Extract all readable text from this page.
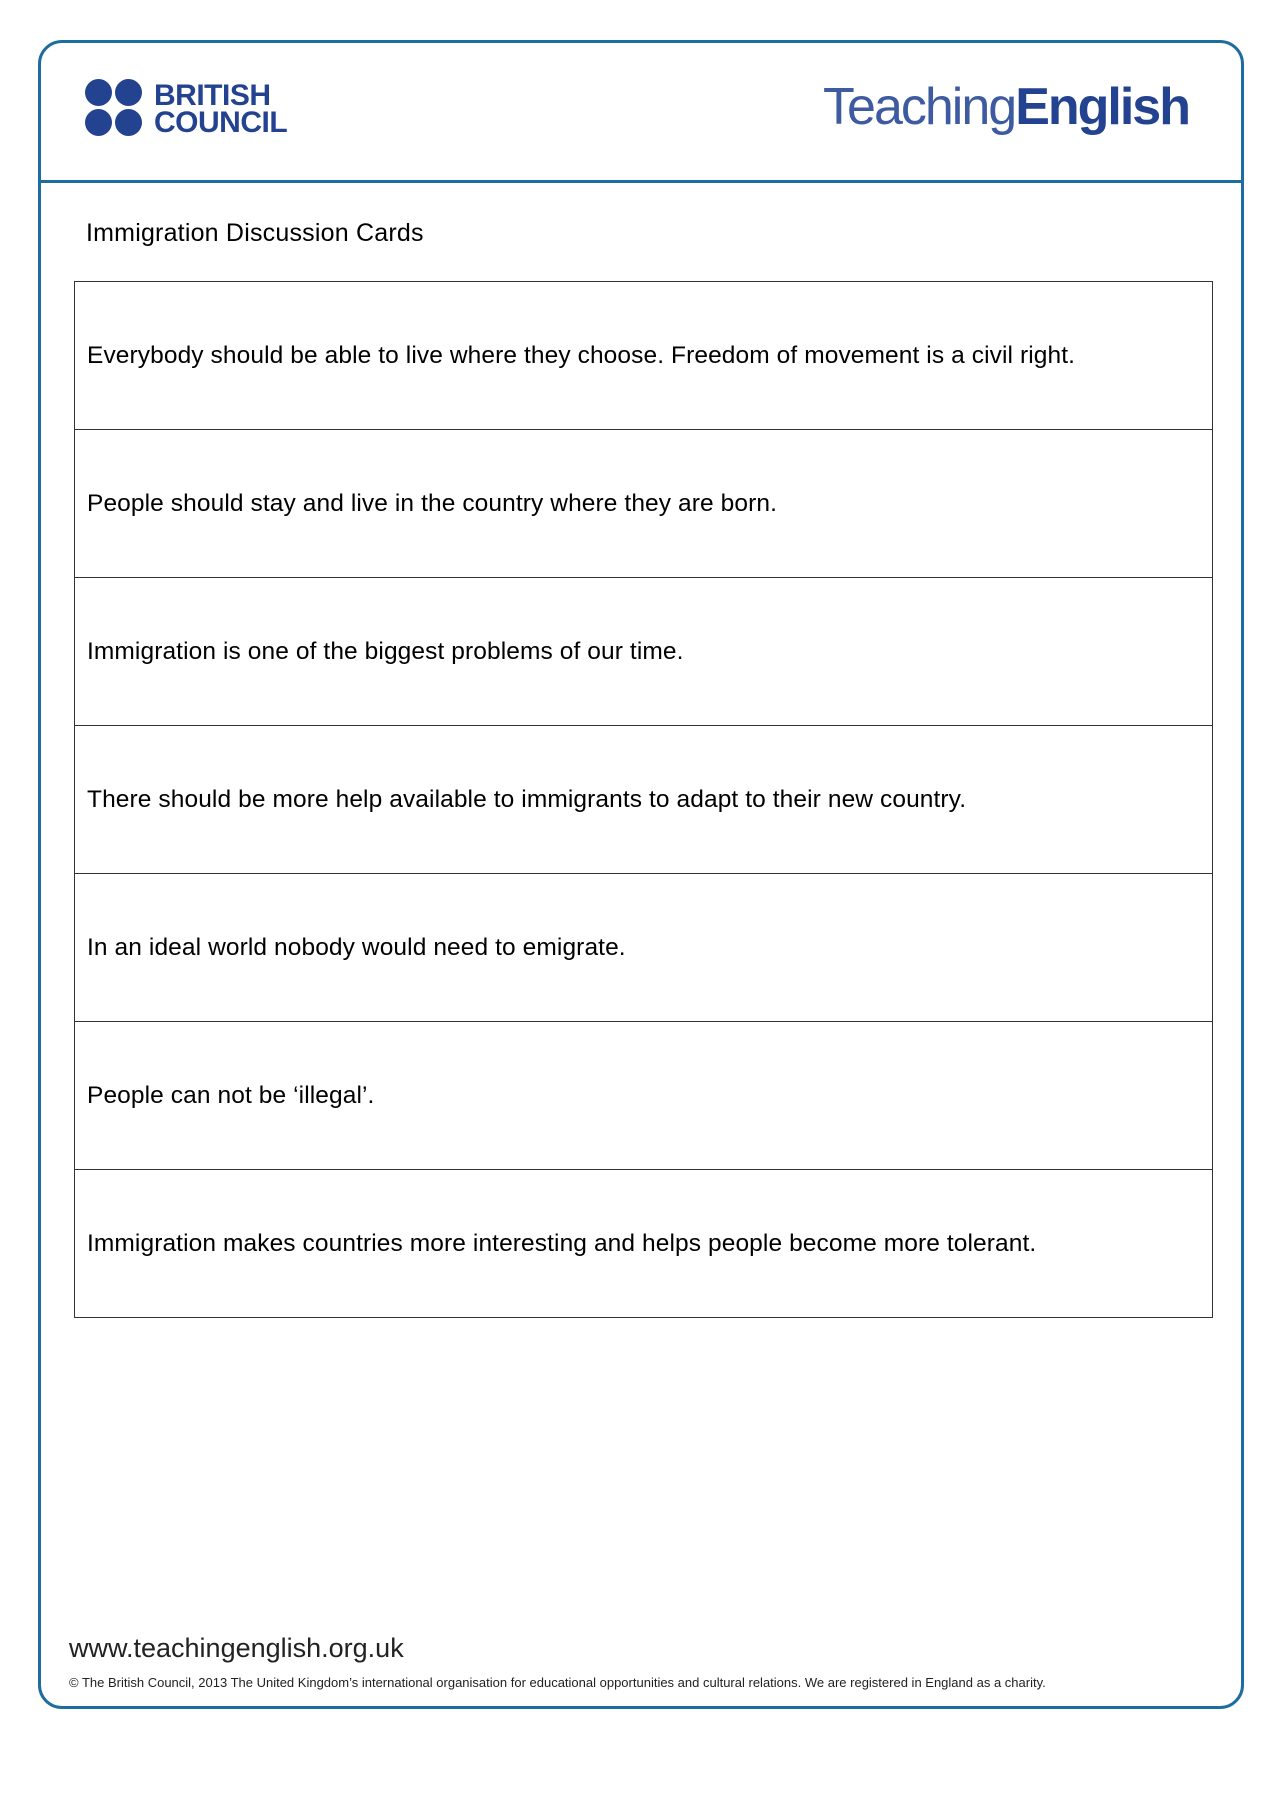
BRITISH
COUNCIL	TeachingEnglish
Immigration Discussion Cards
Everybody should be able to live where they choose. Freedom of movement is a civil right.
People should stay and live in the country where they are born.
Immigration is one of the biggest problems of our time.
There should be more help available to immigrants to adapt to their new country.
In an ideal world nobody would need to emigrate.
People can not be ‘illegal’.
Immigration makes countries more interesting and helps people become more tolerant.
www.teachingenglish.org.uk
© The British Council, 2013 The United Kingdom’s international organisation for educational opportunities and cultural relations. We are registered in England as a charity.
